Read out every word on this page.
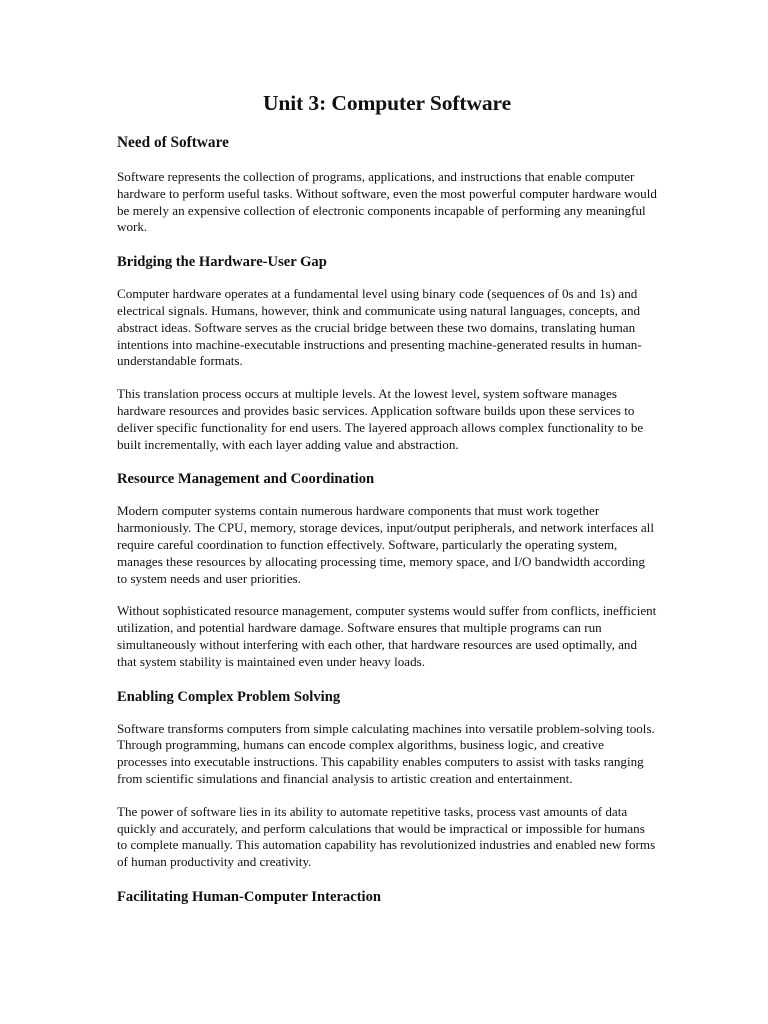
Unit 3: Computer Software
Need of Software

Software represents the collection of programs, applications, and instructions that enable computer hardware to perform useful tasks. Without software, even the most powerful computer hardware would be merely an expensive collection of electronic components incapable of performing any meaningful work.

Bridging the Hardware-User Gap

Computer hardware operates at a fundamental level using binary code (sequences of 0s and 1s) and electrical signals. Humans, however, think and communicate using natural languages, concepts, and abstract ideas. Software serves as the crucial bridge between these two domains, translating human intentions into machine-executable instructions and presenting machine-generated results in human-understandable formats.

This translation process occurs at multiple levels. At the lowest level, system software manages hardware resources and provides basic services. Application software builds upon these services to deliver specific functionality for end users. The layered approach allows complex functionality to be built incrementally, with each layer adding value and abstraction.

Resource Management and Coordination

Modern computer systems contain numerous hardware components that must work together harmoniously. The CPU, memory, storage devices, input/output peripherals, and network interfaces all require careful coordination to function effectively. Software, particularly the operating system, manages these resources by allocating processing time, memory space, and I/O bandwidth according to system needs and user priorities.

Without sophisticated resource management, computer systems would suffer from conflicts, inefficient utilization, and potential hardware damage. Software ensures that multiple programs can run simultaneously without interfering with each other, that hardware resources are used optimally, and that system stability is maintained even under heavy loads.

Enabling Complex Problem Solving

Software transforms computers from simple calculating machines into versatile problem-solving tools. Through programming, humans can encode complex algorithms, business logic, and creative processes into executable instructions. This capability enables computers to assist with tasks ranging from scientific simulations and financial analysis to artistic creation and entertainment.

The power of software lies in its ability to automate repetitive tasks, process vast amounts of data quickly and accurately, and perform calculations that would be impractical or impossible for humans to complete manually. This automation capability has revolutionized industries and enabled new forms of human productivity and creativity.

Facilitating Human-Computer Interaction
